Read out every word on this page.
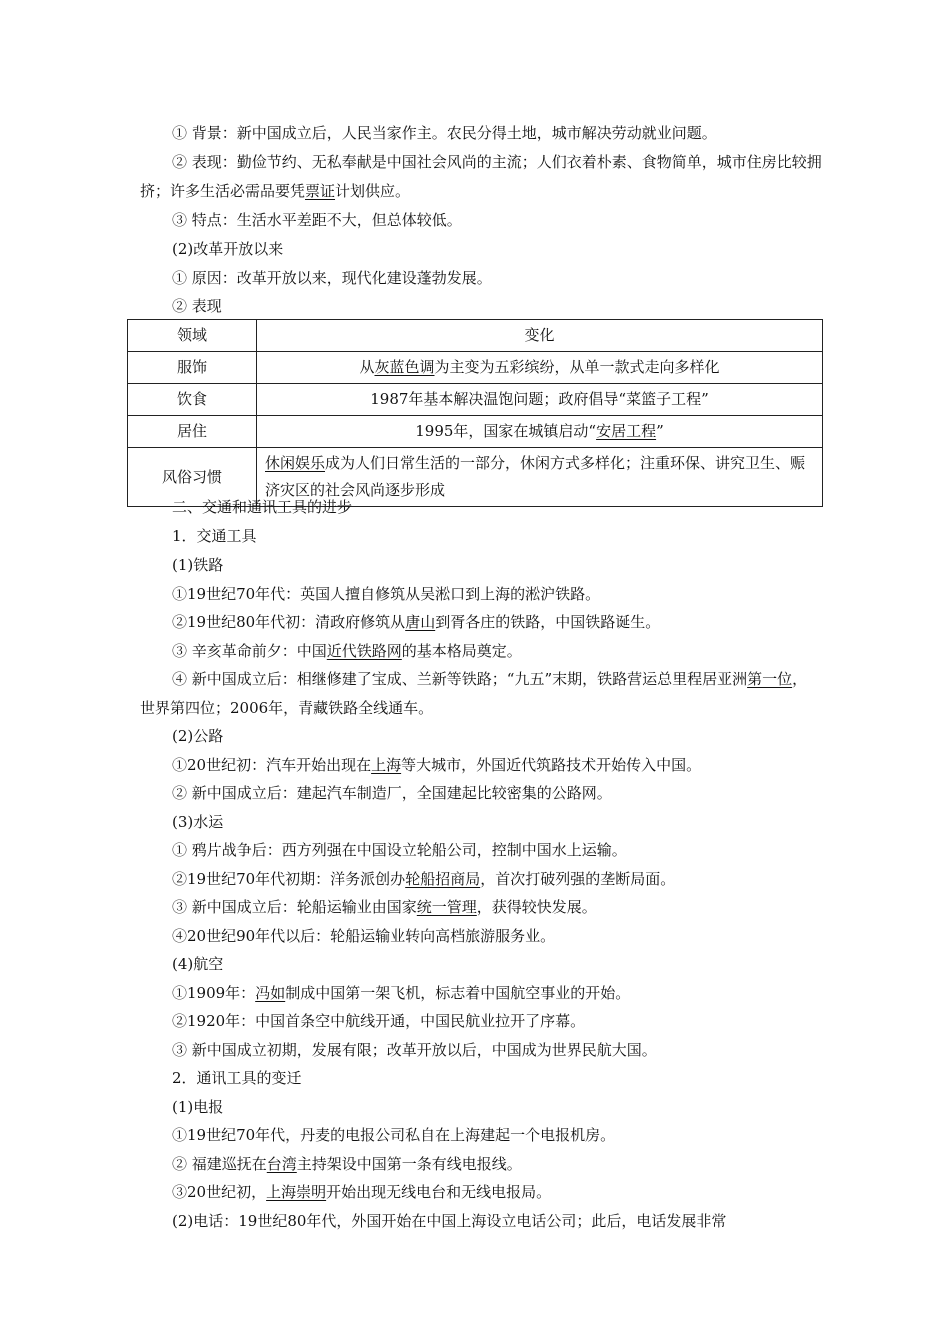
① 背景：新中国成立后，人民当家作主。农民分得土地，城市解决劳动就业问题。

② 表现：勤俭节约、无私奉献是中国社会风尚的主流；人们衣着朴素、食物简单，城市住房比较拥挤；许多生活必需品要凭票证计划供应。

③ 特点：生活水平差距不大，但总体较低。

(2)改革开放以来

① 原因：改革开放以来，现代化建设蓬勃发展。

② 表现

领域	变化
服饰	从灰蓝色调为主变为五彩缤纷，从单一款式走向多样化
饮食	1987年基本解决温饱问题；政府倡导“菜篮子工程”
居住	1995年，国家在城镇启动“安居工程”
风俗习惯	休闲娱乐成为人们日常生活的一部分，休闲方式多样化；注重环保、讲究卫生、赈济灾区的社会风尚逐步形成

二、交通和通讯工具的进步

1．交通工具

(1)铁路

①19世纪70年代：英国人擅自修筑从吴淞口到上海的淞沪铁路。

②19世纪80年代初：清政府修筑从唐山到胥各庄的铁路，中国铁路诞生。

③ 辛亥革命前夕：中国近代铁路网的基本格局奠定。

④ 新中国成立后：相继修建了宝成、兰新等铁路；“九五”末期，铁路营运总里程居亚洲第一位，世界第四位；2006年，青藏铁路全线通车。

(2)公路

①20世纪初：汽车开始出现在上海等大城市，外国近代筑路技术开始传入中国。

② 新中国成立后：建起汽车制造厂，全国建起比较密集的公路网。

(3)水运

① 鸦片战争后：西方列强在中国设立轮船公司，控制中国水上运输。

②19世纪70年代初期：洋务派创办轮船招商局，首次打破列强的垄断局面。

③ 新中国成立后：轮船运输业由国家统一管理，获得较快发展。

④20世纪90年代以后：轮船运输业转向高档旅游服务业。

(4)航空

①1909年：冯如制成中国第一架飞机，标志着中国航空事业的开始。

②1920年：中国首条空中航线开通，中国民航业拉开了序幕。

③ 新中国成立初期，发展有限；改革开放以后，中国成为世界民航大国。

2．通讯工具的变迁

(1)电报

①19世纪70年代，丹麦的电报公司私自在上海建起一个电报机房。

② 福建巡抚在台湾主持架设中国第一条有线电报线。

③20世纪初，上海崇明开始出现无线电台和无线电报局。

(2)电话：19世纪80年代，外国开始在中国上海设立电话公司；此后，电话发展非常
